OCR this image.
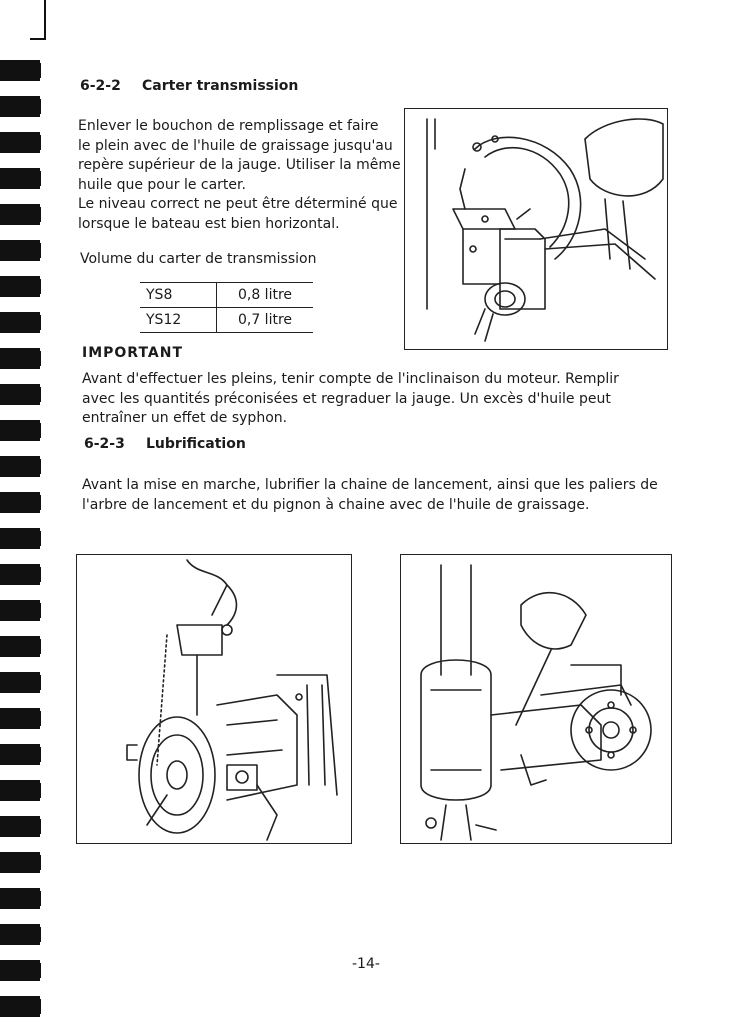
6-2-2 Carter transmission
Enlever le bouchon de remplissage et faire
le plein avec de l'huile de graissage jusqu'au
repère supérieur de la jauge. Utiliser la même
huile que pour le carter.
Le niveau correct ne peut être déterminé que
lorsque le bateau est bien horizontal.
Volume du carter de transmission
YS8	0,8 litre
YS12	0,7 litre
IMPORTANT
Avant d'effectuer les pleins, tenir compte de l'inclinaison du moteur. Remplir
avec les quantités préconisées et regraduer la jauge. Un excès d'huile peut
entraîner un effet de syphon.
6-2-3 Lubrification
Avant la mise en marche, lubrifier la chaine de lancement, ainsi que les paliers de
l'arbre de lancement et du pignon à chaine avec de l'huile de graissage.
-14-
